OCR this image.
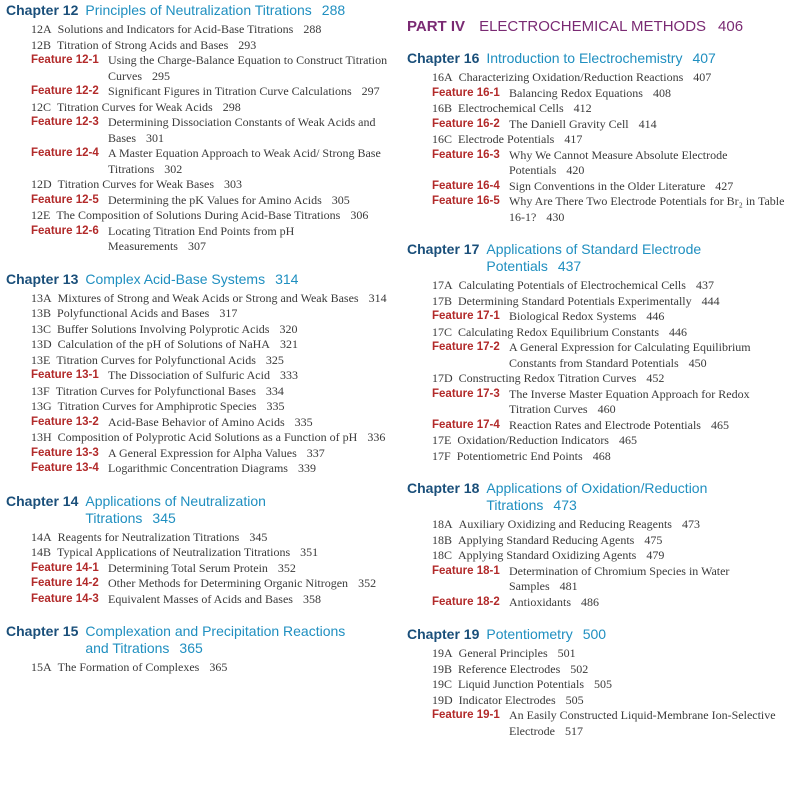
Chapter 12 Principles of Neutralization Titrations 288
12A Solutions and Indicators for Acid-Base Titrations 288
12B Titration of Strong Acids and Bases 293
Feature 12-1 Using the Charge-Balance Equation to Construct Titration Curves 295
Feature 12-2 Significant Figures in Titration Curve Calculations 297
12C Titration Curves for Weak Acids 298
Feature 12-3 Determining Dissociation Constants of Weak Acids and Bases 301
Feature 12-4 A Master Equation Approach to Weak Acid/ Strong Base Titrations 302
12D Titration Curves for Weak Bases 303
Feature 12-5 Determining the pK Values for Amino Acids 305
12E The Composition of Solutions During Acid-Base Titrations 306
Feature 12-6 Locating Titration End Points from pH Measurements 307
Chapter 13 Complex Acid-Base Systems 314
13A Mixtures of Strong and Weak Acids or Strong and Weak Bases 314
13B Polyfunctional Acids and Bases 317
13C Buffer Solutions Involving Polyprotic Acids 320
13D Calculation of the pH of Solutions of NaHA 321
13E Titration Curves for Polyfunctional Acids 325
Feature 13-1 The Dissociation of Sulfuric Acid 333
13F Titration Curves for Polyfunctional Bases 334
13G Titration Curves for Amphiprotic Species 335
Feature 13-2 Acid-Base Behavior of Amino Acids 335
13H Composition of Polyprotic Acid Solutions as a Function of pH 336
Feature 13-3 A General Expression for Alpha Values 337
Feature 13-4 Logarithmic Concentration Diagrams 339
Chapter 14 Applications of Neutralization
Titrations 345
14A Reagents for Neutralization Titrations 345
14B Typical Applications of Neutralization Titrations 351
Feature 14-1 Determining Total Serum Protein 352
Feature 14-2 Other Methods for Determining Organic Nitrogen 352
Feature 14-3 Equivalent Masses of Acids and Bases 358
Chapter 15 Complexation and Precipitation Reactions
and Titrations 365
15A The Formation of Complexes 365
PART IV ELECTROCHEMICAL METHODS 406
Chapter 16 Introduction to Electrochemistry 407
16A Characterizing Oxidation/Reduction Reactions 407
Feature 16-1 Balancing Redox Equations 408
16B Electrochemical Cells 412
Feature 16-2 The Daniell Gravity Cell 414
16C Electrode Potentials 417
Feature 16-3 Why We Cannot Measure Absolute Electrode Potentials 420
Feature 16-4 Sign Conventions in the Older Literature 427
Feature 16-5 Why Are There Two Electrode Potentials for Br₂ in Table 16-1? 430
Chapter 17 Applications of Standard Electrode
Potentials 437
17A Calculating Potentials of Electrochemical Cells 437
17B Determining Standard Potentials Experimentally 444
Feature 17-1 Biological Redox Systems 446
17C Calculating Redox Equilibrium Constants 446
Feature 17-2 A General Expression for Calculating Equilibrium Constants from Standard Potentials 450
17D Constructing Redox Titration Curves 452
Feature 17-3 The Inverse Master Equation Approach for Redox Titration Curves 460
Feature 17-4 Reaction Rates and Electrode Potentials 465
17E Oxidation/Reduction Indicators 465
17F Potentiometric End Points 468
Chapter 18 Applications of Oxidation/Reduction
Titrations 473
18A Auxiliary Oxidizing and Reducing Reagents 473
18B Applying Standard Reducing Agents 475
18C Applying Standard Oxidizing Agents 479
Feature 18-1 Determination of Chromium Species in Water Samples 481
Feature 18-2 Antioxidants 486
Chapter 19 Potentiometry 500
19A General Principles 501
19B Reference Electrodes 502
19C Liquid Junction Potentials 505
19D Indicator Electrodes 505
Feature 19-1 An Easily Constructed Liquid-Membrane Ion-Selective Electrode 517
